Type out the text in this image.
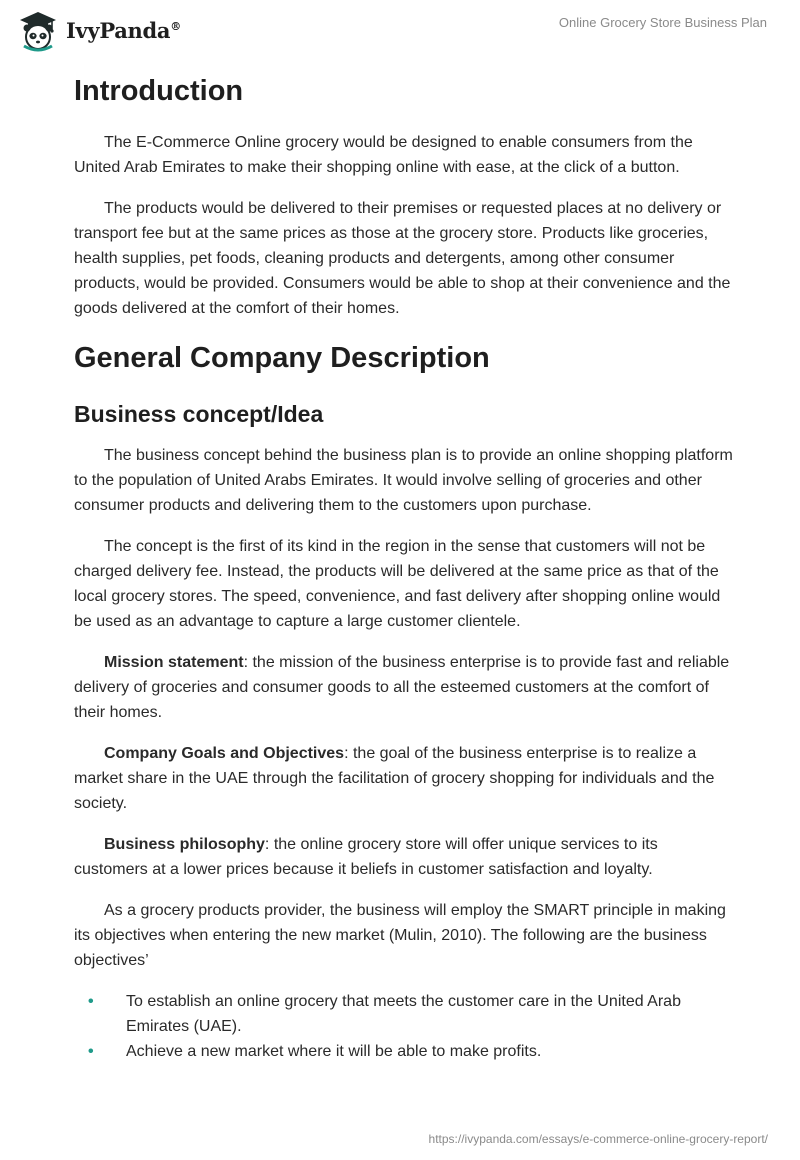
IvyPanda®	Online Grocery Store Business Plan
Introduction

The E-Commerce Online grocery would be designed to enable consumers from the United Arab Emirates to make their shopping online with ease, at the click of a button.

The products would be delivered to their premises or requested places at no delivery or transport fee but at the same prices as those at the grocery store. Products like groceries, health supplies, pet foods, cleaning products and detergents, among other consumer products, would be provided. Consumers would be able to shop at their convenience and the goods delivered at the comfort of their homes.

General Company Description
Business concept/Idea

The business concept behind the business plan is to provide an online shopping platform to the population of United Arabs Emirates. It would involve selling of groceries and other consumer products and delivering them to the customers upon purchase.

The concept is the first of its kind in the region in the sense that customers will not be charged delivery fee. Instead, the products will be delivered at the same price as that of the local grocery stores. The speed, convenience, and fast delivery after shopping online would be used as an advantage to capture a large customer clientele.

Mission statement: the mission of the business enterprise is to provide fast and reliable delivery of groceries and consumer goods to all the esteemed customers at the comfort of their homes.

Company Goals and Objectives: the goal of the business enterprise is to realize a market share in the UAE through the facilitation of grocery shopping for individuals and the society.

Business philosophy: the online grocery store will offer unique services to its customers at a lower prices because it beliefs in customer satisfaction and loyalty.

As a grocery products provider, the business will employ the SMART principle in making its objectives when entering the new market (Mulin, 2010). The following are the business objectives’

• To establish an online grocery that meets the customer care in the United Arab Emirates (UAE).
• Achieve a new market where it will be able to make profits.
https://ivypanda.com/essays/e-commerce-online-grocery-report/
